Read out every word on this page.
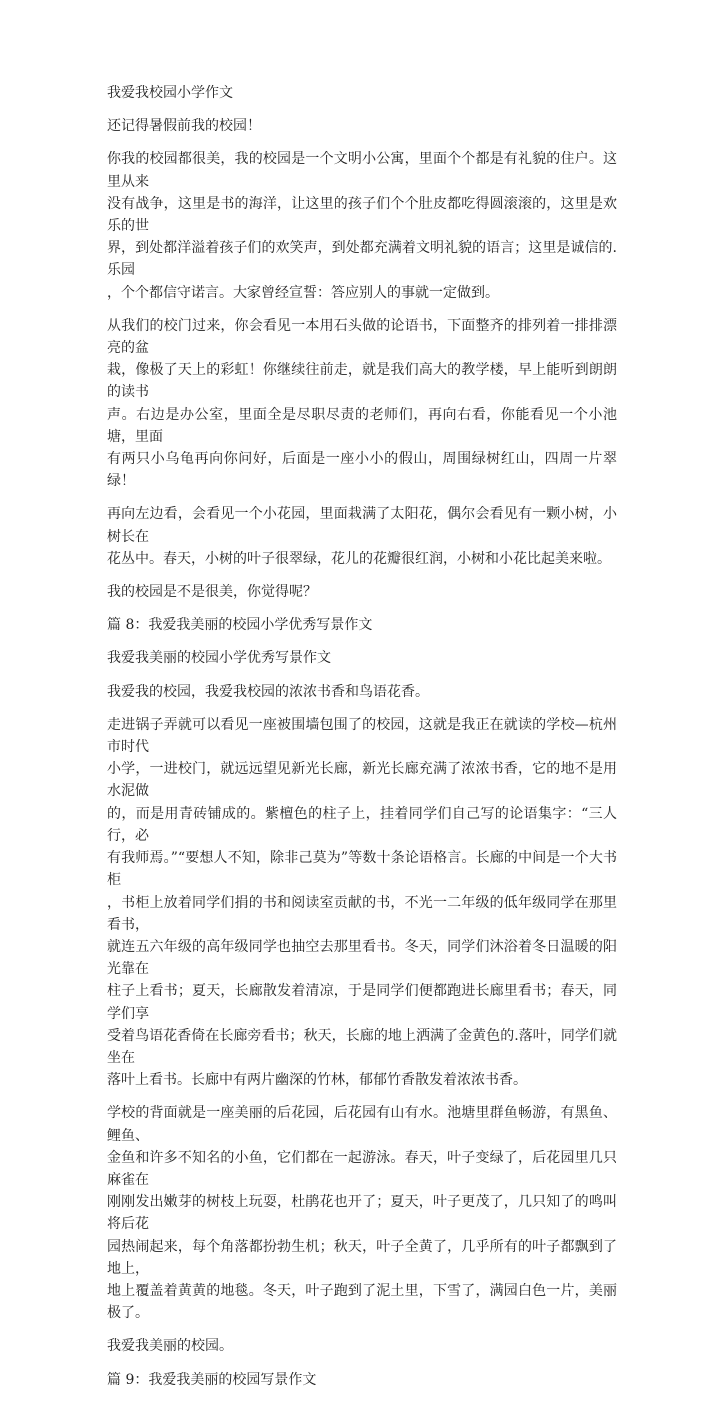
我爱我校园小学作文
还记得暑假前我的校园！
你我的校园都很美，我的校园是一个文明小公寓，里面个个都是有礼貌的住户。这里从来
没有战争，这里是书的海洋，让这里的孩子们个个肚皮都吃得圆滚滚的，这里是欢乐的世
界，到处都洋溢着孩子们的欢笑声，到处都充满着文明礼貌的语言；这里是诚信的.乐园
，个个都信守诺言。大家曾经宣誓：答应别人的事就一定做到。
从我们的校门过来，你会看见一本用石头做的论语书，下面整齐的排列着一排排漂亮的盆
栽，像极了天上的彩虹！你继续往前走，就是我们高大的教学楼，早上能听到朗朗的读书
声。右边是办公室，里面全是尽职尽责的老师们，再向右看，你能看见一个小池塘，里面
有两只小乌龟再向你问好，后面是一座小小的假山，周围绿树红山，四周一片翠绿！
再向左边看，会看见一个小花园，里面栽满了太阳花，偶尔会看见有一颗小树，小树长在
花丛中。春天，小树的叶子很翠绿，花儿的花瓣很红润，小树和小花比起美来啦。
我的校园是不是很美，你觉得呢？
篇 8：我爱我美丽的校园小学优秀写景作文
我爱我美丽的校园小学优秀写景作文
我爱我的校园，我爱我校园的浓浓书香和鸟语花香。
走进锅子弄就可以看见一座被围墙包围了的校园，这就是我正在就读的学校—杭州市时代
小学，一进校门，就远远望见新光长廊，新光长廊充满了浓浓书香，它的地不是用水泥做
的，而是用青砖铺成的。紫檀色的柱子上，挂着同学们自己写的论语集字：“三人行，必
有我师焉。”“要想人不知，除非己莫为”等数十条论语格言。长廊的中间是一个大书柜
，书柜上放着同学们捐的书和阅读室贡献的书，不光一二年级的低年级同学在那里看书，
就连五六年级的高年级同学也抽空去那里看书。冬天，同学们沐浴着冬日温暖的阳光靠在
柱子上看书；夏天，长廊散发着清凉，于是同学们便都跑进长廊里看书；春天，同学们享
受着鸟语花香倚在长廊旁看书；秋天，长廊的地上洒满了金黄色的.落叶，同学们就坐在
落叶上看书。长廊中有两片幽深的竹林，郁郁竹香散发着浓浓书香。
学校的背面就是一座美丽的后花园，后花园有山有水。池塘里群鱼畅游，有黑鱼、鲤鱼、
金鱼和许多不知名的小鱼，它们都在一起游泳。春天，叶子变绿了，后花园里几只麻雀在
刚刚发出嫩芽的树枝上玩耍，杜鹃花也开了；夏天，叶子更茂了，几只知了的鸣叫将后花
园热闹起来，每个角落都扮勃生机；秋天，叶子全黄了，几乎所有的叶子都飘到了地上，
地上覆盖着黄黄的地毯。冬天，叶子跑到了泥土里，下雪了，满园白色一片，美丽极了。
我爱我美丽的校园。
篇 9：我爱我美丽的校园写景作文
